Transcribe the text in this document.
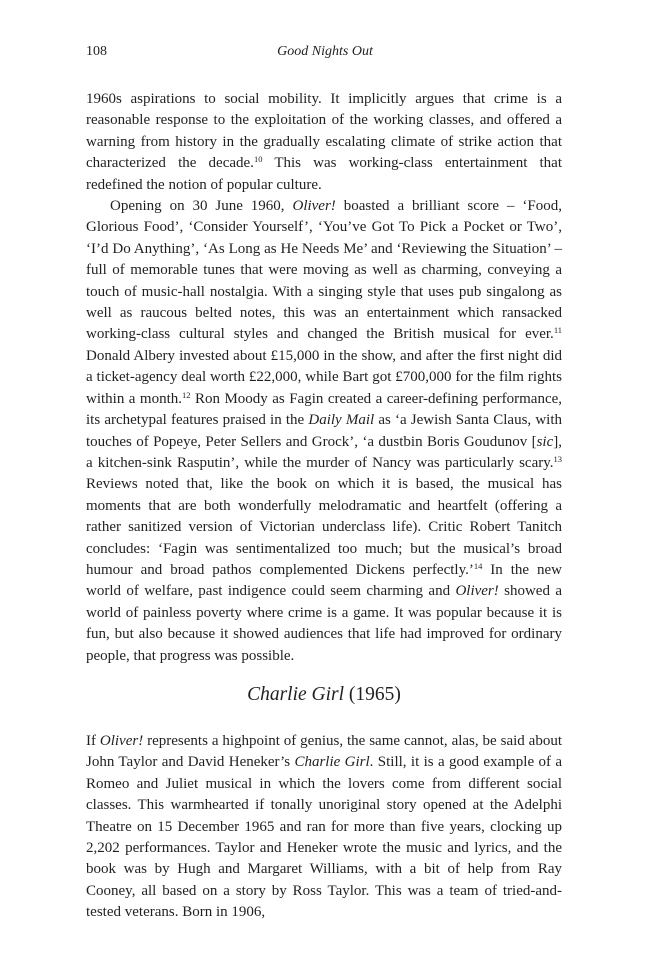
108	Good Nights Out

1960s aspirations to social mobility. It implicitly argues that crime is a reasonable response to the exploitation of the working classes, and offered a warning from history in the gradually escalating climate of strike action that characterized the decade.$^{10}$ This was working-class entertainment that redefined the notion of popular culture.

Opening on 30 June 1960, Oliver! boasted a brilliant score – ‘Food, Glorious Food’, ‘Consider Yourself’, ‘You’ve Got To Pick a Pocket or Two’, ‘I’d Do Anything’, ‘As Long as He Needs Me’ and ‘Reviewing the Situation’ – full of memorable tunes that were moving as well as charming, conveying a touch of music-hall nostalgia. With a singing style that uses pub singalong as well as raucous belted notes, this was an entertainment which ransacked working-class cultural styles and changed the British musical for ever.$^{11}$ Donald Albery invested about £15,000 in the show, and after the first night did a ticket-agency deal worth £22,000, while Bart got £700,000 for the film rights within a month.$^{12}$ Ron Moody as Fagin created a career-defining performance, its archetypal features praised in the Daily Mail as ‘a Jewish Santa Claus, with touches of Popeye, Peter Sellers and Grock’, ‘a dustbin Boris Goudunov [sic], a kitchen-sink Rasputin’, while the murder of Nancy was particularly scary.$^{13}$ Reviews noted that, like the book on which it is based, the musical has moments that are both wonderfully melodramatic and heartfelt (offering a rather sanitized version of Victorian underclass life). Critic Robert Tanitch concludes: ‘Fagin was sentimentalized too much; but the musical’s broad humour and broad pathos complemented Dickens perfectly.’$^{14}$ In the new world of welfare, past indigence could seem charming and Oliver! showed a world of painless poverty where crime is a game. It was popular because it is fun, but also because it showed audiences that life had improved for ordinary people, that progress was possible.

Charlie Girl (1965)

If Oliver! represents a highpoint of genius, the same cannot, alas, be said about John Taylor and David Heneker’s Charlie Girl. Still, it is a good example of a Romeo and Juliet musical in which the lovers come from different social classes. This warmhearted if tonally unoriginal story opened at the Adelphi Theatre on 15 December 1965 and ran for more than five years, clocking up 2,202 performances. Taylor and Heneker wrote the music and lyrics, and the book was by Hugh and Margaret Williams, with a bit of help from Ray Cooney, all based on a story by Ross Taylor. This was a team of tried-and-tested veterans. Born in 1906,
